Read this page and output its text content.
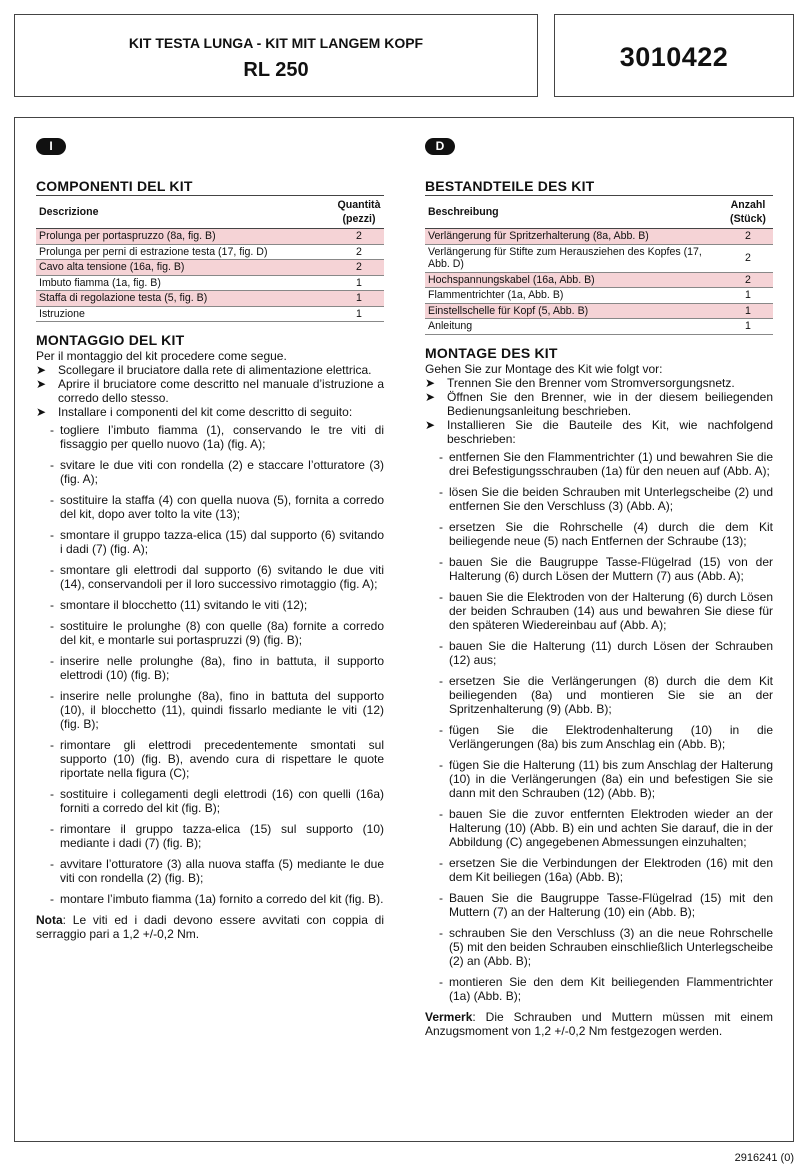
KIT TESTA LUNGA - KIT MIT LANGEM KOPF
RL 250	3010422
I
COMPONENTI DEL KIT
Descrizione	Quantità (pezzi)
Prolunga per portaspruzzo (8a, fig. B)	2
Prolunga per perni di estrazione testa (17, fig. D)	2
Cavo alta tensione (16a, fig. B)	2
Imbuto fiamma (1a, fig. B)	1
Staffa di regolazione testa (5, fig. B)	1
Istruzione	1
MONTAGGIO DEL KIT

Per il montaggio del kit procedere come segue.

➤ Scollegare il bruciatore dalla rete di alimentazione elettrica.
➤ Aprire il bruciatore come descritto nel manuale d’istruzione a corredo dello stesso.
➤ Installare i componenti del kit come descritto di seguito:
- togliere l’imbuto fiamma (1), conservando le tre viti di fissaggio per quello nuovo (1a) (fig. A);
- svitare le due viti con rondella (2) e staccare l’otturatore (3) (fig. A);
- sostituire la staffa (4) con quella nuova (5), fornita a corredo del kit, dopo aver tolto la vite (13);
- smontare il gruppo tazza-elica (15) dal supporto (6) svitando i dadi (7) (fig. A);
- smontare gli elettrodi dal supporto (6) svitando le due viti (14), conservandoli per il loro successivo rimotaggio (fig. A);
- smontare il blocchetto (11) svitando le viti (12);
- sostituire le prolunghe (8) con quelle (8a) fornite a corredo del kit, e montarle sui portaspruzzi (9) (fig. B);
- inserire nelle prolunghe (8a), fino in battuta, il supporto elettrodi (10) (fig. B);
- inserire nelle prolunghe (8a), fino in battuta del supporto (10), il blocchetto (11), quindi fissarlo mediante le viti (12) (fig. B);
- rimontare gli elettrodi precedentemente smontati sul supporto (10) (fig. B), avendo cura di rispettare le quote riportate nella figura (C);
- sostituire i collegamenti degli elettrodi (16) con quelli (16a) forniti a corredo del kit (fig. B);
- rimontare il gruppo tazza-elica (15) sul supporto (10) mediante i dadi (7) (fig. B);
- avvitare l’otturatore (3) alla nuova staffa (5) mediante le due viti con rondella (2) (fig. B);
- montare l’imbuto fiamma (1a) fornito a corredo del kit (fig. B).

Nota: Le viti ed i dadi devono essere avvitati con coppia di serraggio pari a 1,2 +/-0,2 Nm.

D
BESTANDTEILE DES KIT
Beschreibung	Anzahl (Stück)
Verlängerung für Spritzerhalterung (8a, Abb. B)	2
Verlängerung für Stifte zum Herausziehen des Kopfes (17, Abb. D)	2
Hochspannungskabel (16a, Abb. B)	2
Flammentrichter (1a, Abb. B)	1
Einstellschelle für Kopf (5, Abb. B)	1
Anleitung	1
MONTAGE DES KIT

Gehen Sie zur Montage des Kit wie folgt vor:

➤ Trennen Sie den Brenner vom Stromversorgungsnetz.
➤ Öffnen Sie den Brenner, wie in der diesem beiliegenden Bedienungsanleitung beschrieben.
➤ Installieren Sie die Bauteile des Kit, wie nachfolgend beschrieben:
- entfernen Sie den Flammentrichter (1) und bewahren Sie die drei Befestigungsschrauben (1a) für den neuen auf (Abb. A);
- lösen Sie die beiden Schrauben mit Unterlegscheibe (2) und entfernen Sie den Verschluss (3) (Abb. A);
- ersetzen Sie die Rohrschelle (4) durch die dem Kit beiliegende neue (5) nach Entfernen der Schraube (13);
- bauen Sie die Baugruppe Tasse-Flügelrad (15) von der Halterung (6) durch Lösen der Muttern (7) aus (Abb. A);
- bauen Sie die Elektroden von der Halterung (6) durch Lösen der beiden Schrauben (14) aus und bewahren Sie diese für den späteren Wiedereinbau auf (Abb. A);
- bauen Sie die Halterung (11) durch Lösen der Schrauben (12) aus;
- ersetzen Sie die Verlängerungen (8) durch die dem Kit beiliegenden (8a) und montieren Sie sie an der Spritzenhalterung (9) (Abb. B);
- fügen Sie die Elektrodenhalterung (10) in die Verlängerungen (8a) bis zum Anschlag ein (Abb. B);
- fügen Sie die Halterung (11) bis zum Anschlag der Halterung (10) in die Verlängerungen (8a) ein und befestigen Sie sie dann mit den Schrauben (12) (Abb. B);
- bauen Sie die zuvor entfernten Elektroden wieder an der Halterung (10) (Abb. B) ein und achten Sie darauf, die in der Abbildung (C) angegebenen Abmessungen einzuhalten;
- ersetzen Sie die Verbindungen der Elektroden (16) mit den dem Kit beiliegen (16a) (Abb. B);
- Bauen Sie die Baugruppe Tasse-Flügelrad (15) mit den Muttern (7) an der Halterung (10) ein (Abb. B);
- schrauben Sie den Verschluss (3) an die neue Rohrschelle (5) mit den beiden Schrauben einschließlich Unterlegscheibe (2) an (Abb. B);
- montieren Sie den dem Kit beiliegenden Flammentrichter (1a) (Abb. B);

Vermerk: Die Schrauben und Muttern müssen mit einem Anzugsmoment von 1,2 +/-0,2 Nm festgezogen werden.

2916241 (0)
